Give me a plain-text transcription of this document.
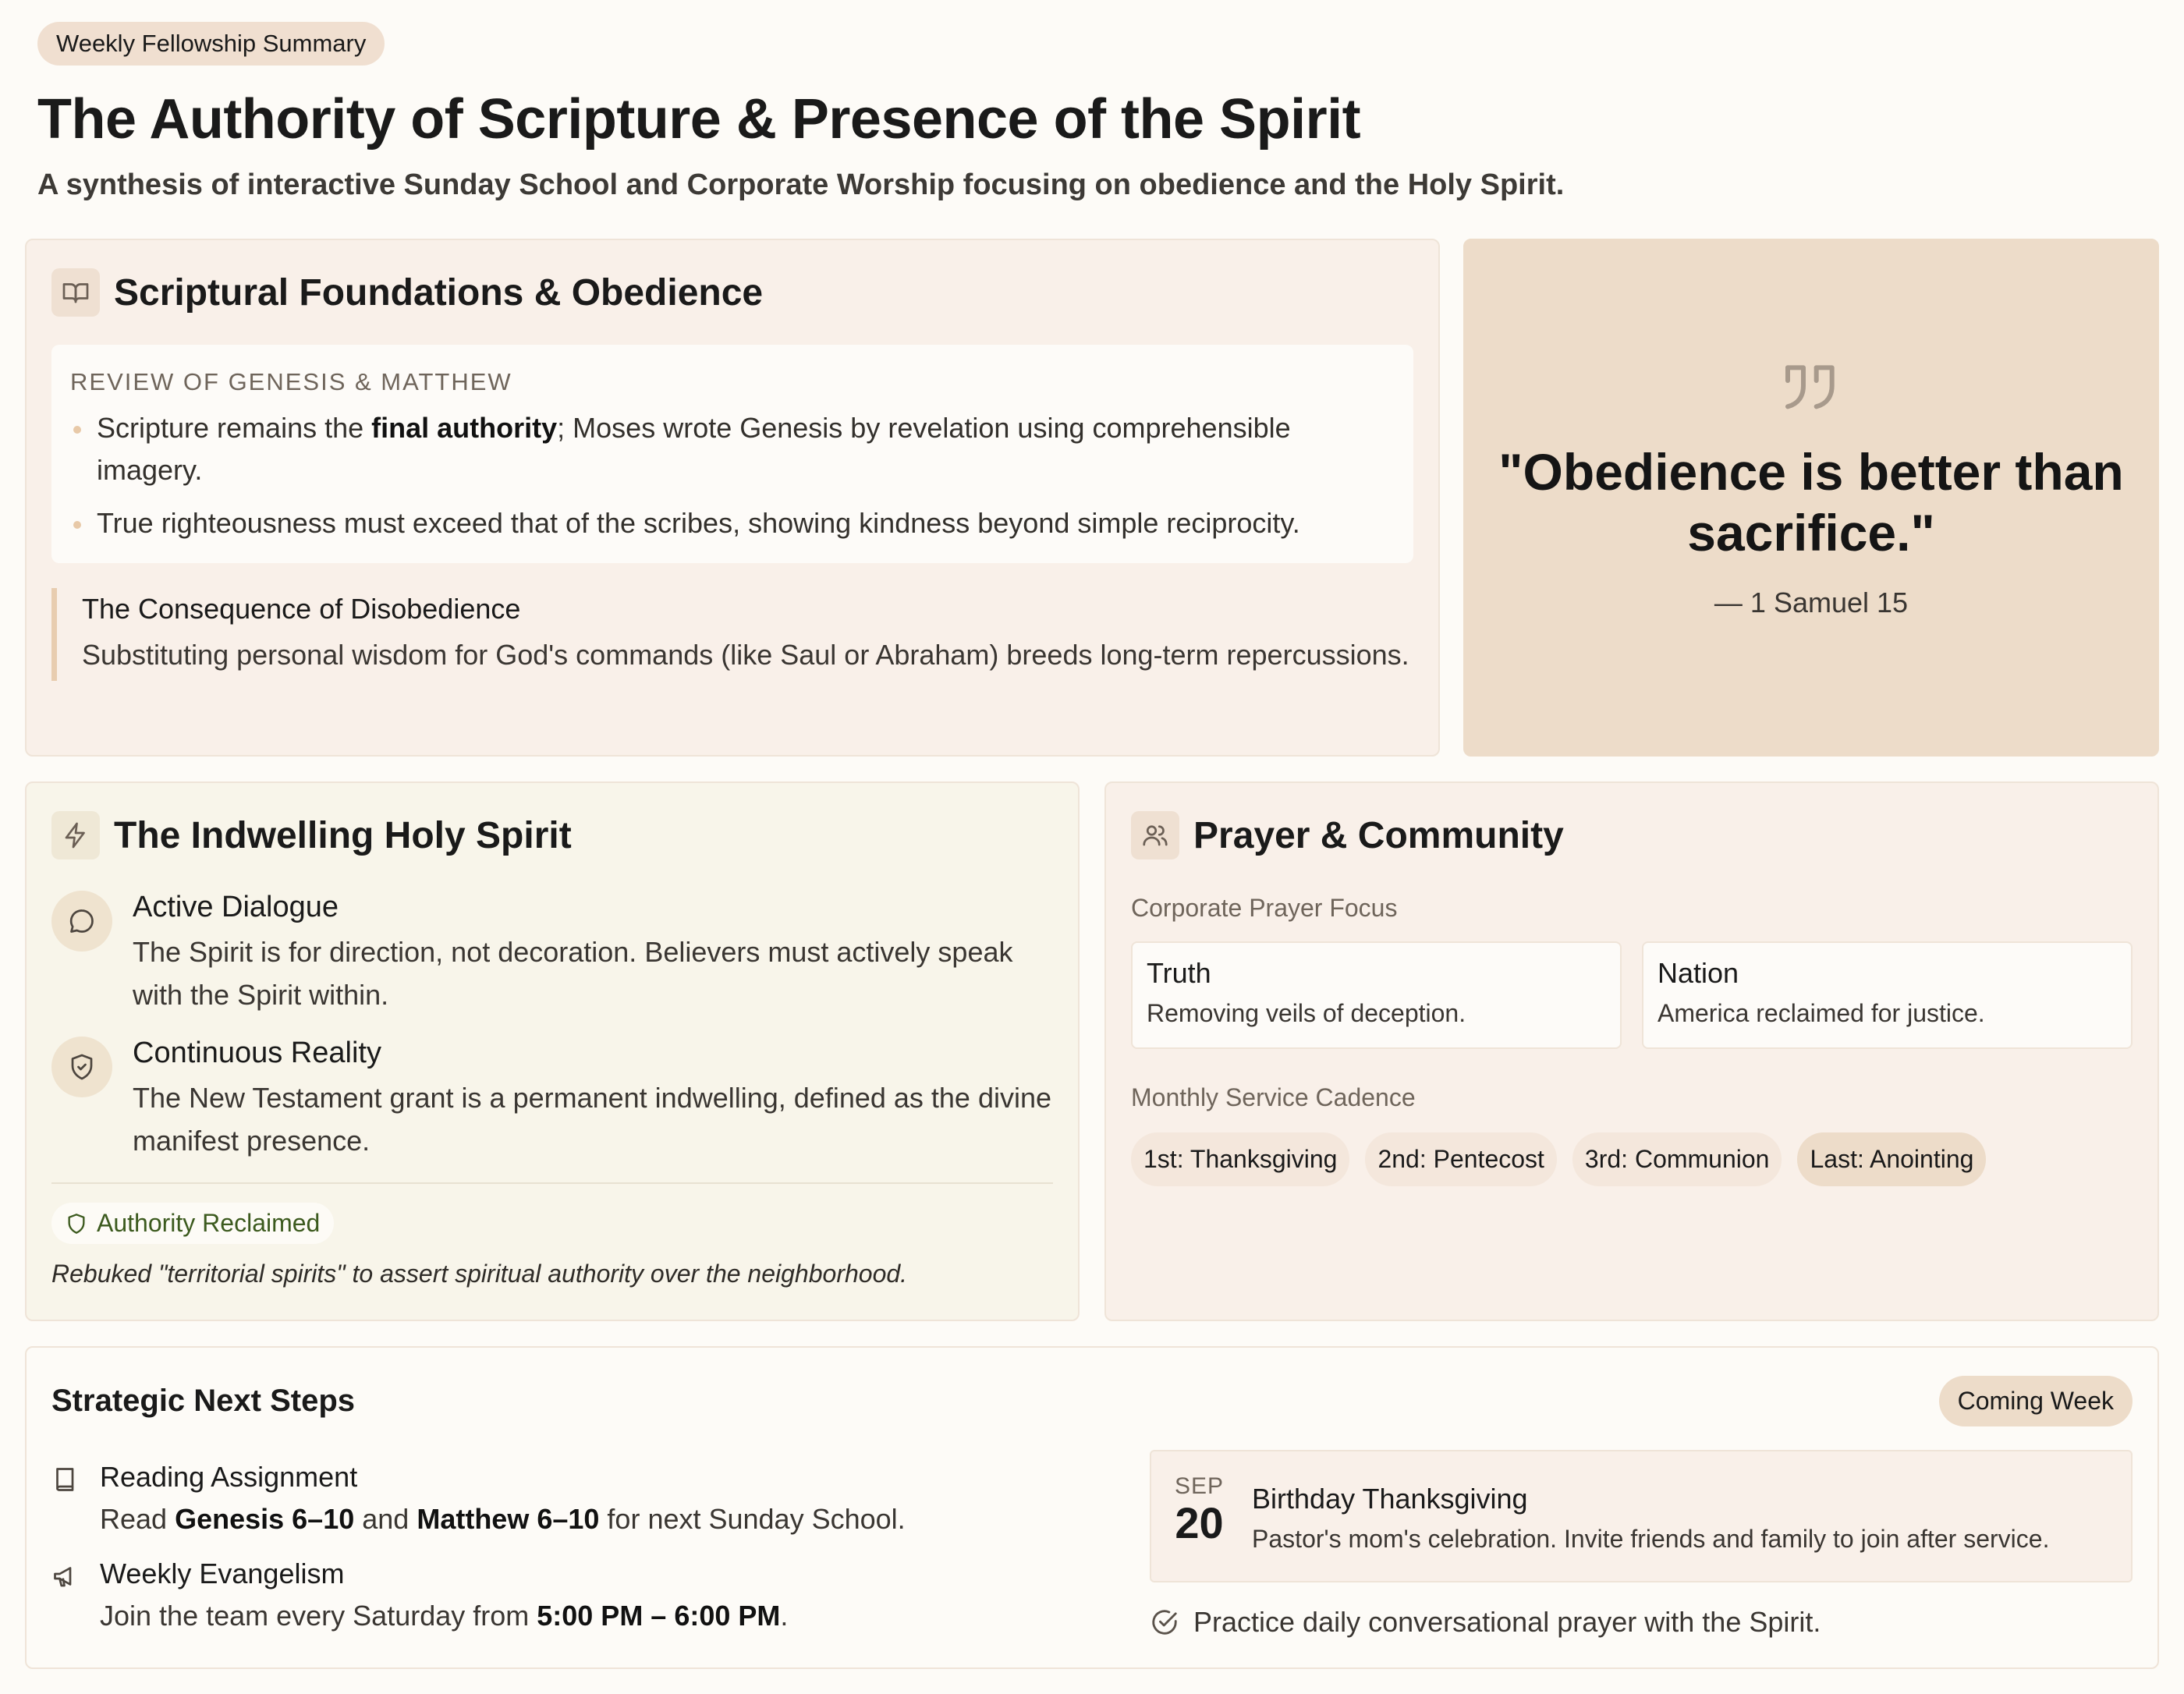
Weekly Fellowship Summary
The Authority of Scripture & Presence of the Spirit

A synthesis of interactive Sunday School and Corporate Worship focusing on obedience and the Holy Spirit.

Scriptural Foundations & Obedience
REVIEW OF GENESIS & MATTHEW
Scripture remains the final authority; Moses wrote Genesis by revelation using comprehensible imagery.
True righteousness must exceed that of the scribes, showing kindness beyond simple reciprocity.
The Consequence of Disobedience
Substituting personal wisdom for God's commands (like Saul or Abraham) breeds long-term repercussions.
"Obedience is better than sacrifice."
— 1 Samuel 15
The Indwelling Holy Spirit
Active Dialogue
The Spirit is for direction, not decoration. Believers must actively speak with the Spirit within.
Continuous Reality
The New Testament grant is a permanent indwelling, defined as the divine manifest presence.
Authority Reclaimed

Rebuked "territorial spirits" to assert spiritual authority over the neighborhood.

Prayer & Community
Corporate Prayer Focus
Truth
Removing veils of deception.
Nation
America reclaimed for justice.
Monthly Service Cadence
1st: Thanksgiving	2nd: Pentecost	3rd: Communion	Last: Anointing
Strategic Next Steps	Coming Week
Reading Assignment
Read Genesis 6–10 and Matthew 6–10 for next Sunday School.
Weekly Evangelism
Join the team every Saturday from 5:00 PM – 6:00 PM.
SEP
20 Birthday Thanksgiving
Pastor's mom's celebration. Invite friends and family to join after service.
Practice daily conversational prayer with the Spirit.
